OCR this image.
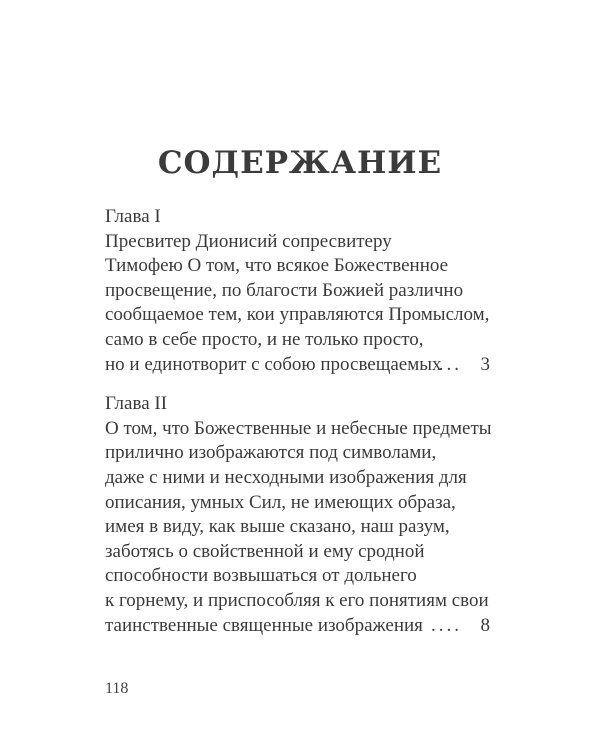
СОДЕРЖАНИЕ
Глава I
Пресвитер Дионисий сопресвитеру
Тимофею О том, что всякое Божественное
просвещение, по благости Божией различно
сообщаемое тем, кои управляются Промыслом,
само в себе просто, и не только просто,
но и единотворит с собою просвещаемых
... 3
Глава II
О том, что Божественные и небесные предметы
прилично изображаются под символами,
даже с ними и несходными изображения для
описания, умных Сил, не имеющих образа,
имея в виду, как выше сказано, наш разум,
заботясь о свойственной и ему сродной
способности возвышаться от дольнего
к горнему, и приспособляя к его понятиям свои
таинственные священные изображения .... 8
118
